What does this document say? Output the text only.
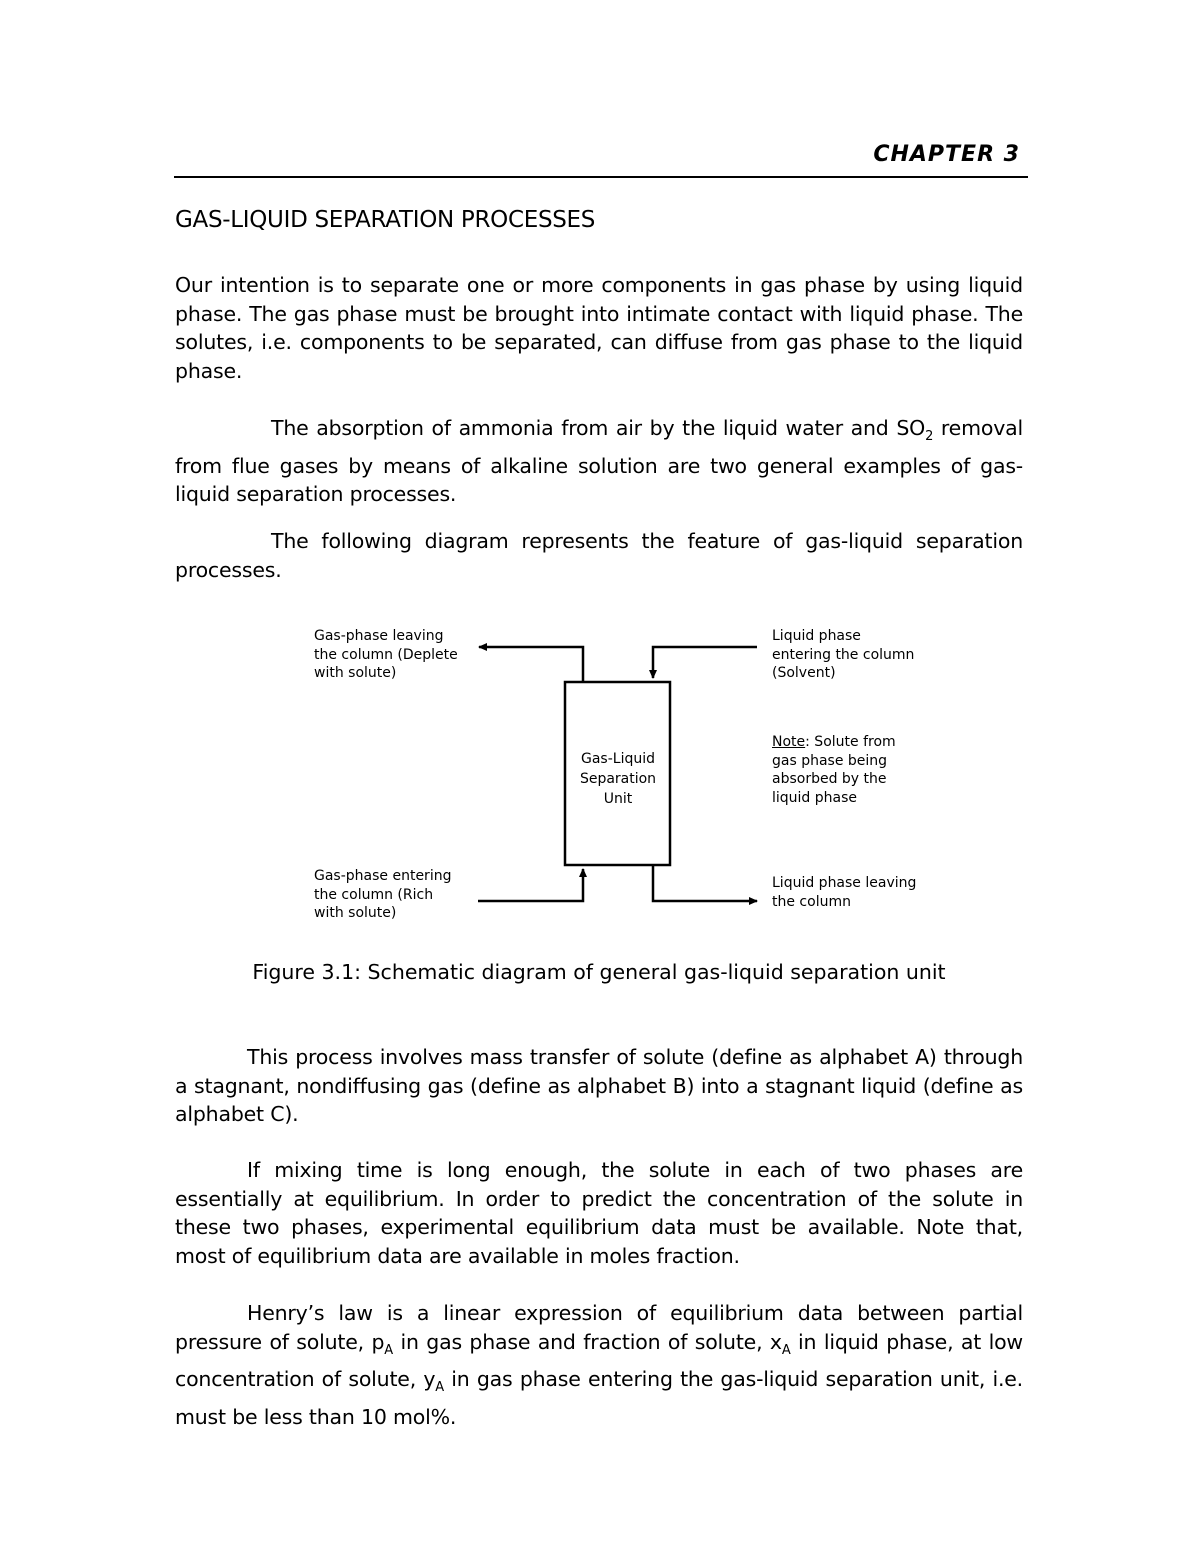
CHAPTER 3
GAS-LIQUID SEPARATION PROCESSES
Our intention is to separate one or more components in gas phase by using liquid phase. The gas phase must be brought into intimate contact with liquid phase. The solutes, i.e. components to be separated, can diffuse from gas phase to the liquid phase.
The absorption of ammonia from air by the liquid water and $SO_2$ removal from flue gases by means of alkaline solution are two general examples of gas-liquid separation processes.
The following diagram represents the feature of gas-liquid separation processes.
Gas-Liquid
Separation
Unit
Gas-phase leaving
the column (Deplete
with solute)
Liquid phase
entering the column
(Solvent)
Note: Solute from
gas phase being
absorbed by the
liquid phase
Gas-phase entering
the column (Rich
with solute)
Liquid phase leaving
the column
Figure 3.1: Schematic diagram of general gas-liquid separation unit
This process involves mass transfer of solute (define as alphabet A) through a stagnant, nondiffusing gas (define as alphabet B) into a stagnant liquid (define as alphabet C).
If mixing time is long enough, the solute in each of two phases are essentially at equilibrium. In order to predict the concentration of the solute in these two phases, experimental equilibrium data must be available. Note that, most of equilibrium data are available in moles fraction.
Henry’s law is a linear expression of equilibrium data between partial pressure of solute, $p_A$ in gas phase and fraction of solute, $x_A$ in liquid phase, at low concentration of solute, $y_A$ in gas phase entering the gas-liquid separation unit, i.e. must be less than 10 mol%.
